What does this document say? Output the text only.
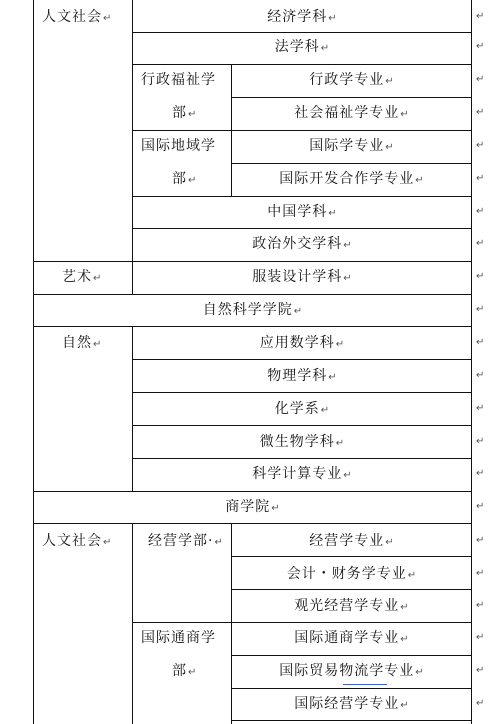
人文社会↵
艺术↵
自然↵
人文社会↵
行政福祉学
部↵
国际地域学
部↵
经营学部·↵
国际通商学
部↵
经济学科↵
法学科↵
行政学专业↵
社会福祉学专业↵
国际学专业↵
国际开发合作学专业↵
中国学科↵
政治外交学科↵
服装设计学科↵
自然科学学院↵
应用数学科↵
物理学科↵
化学系↵
微生物学科↵
科学计算专业↵
商学院↵
经营学专业↵
会计・财务学专业↵
观光经营学专业↵
国际通商学专业↵
国际贸易物流学专业↵
国际经营学专业↵
↵
↵
↵
↵
↵
↵
↵
↵
↵
↵
↵
↵
↵
↵
↵
↵
↵
↵
↵
↵
↵
↵
